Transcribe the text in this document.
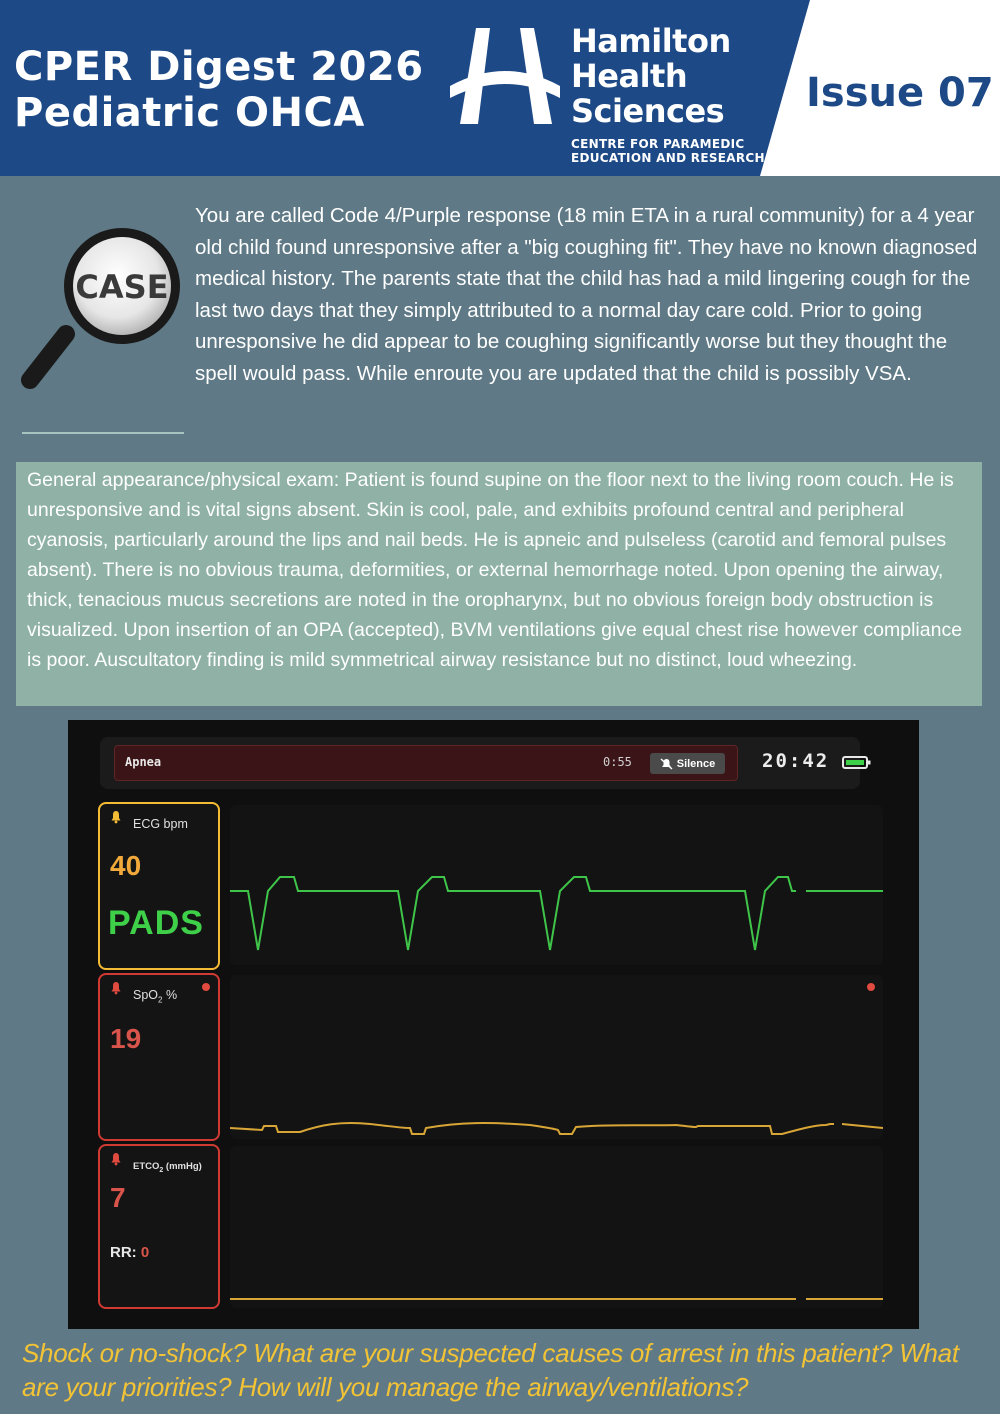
CPER Digest 2026
Pediatric OHCA
Hamilton
Health
Sciences
CENTRE FOR PARAMEDIC
EDUCATION AND RESEARCH
Issue 07
CASE
You are called Code 4/Purple response (18 min ETA in a rural community) for a 4 year old child found unresponsive after a "big coughing fit". They have no known diagnosed medical history. The parents state that the child has had a mild lingering cough for the last two days that they simply attributed to a normal day care cold. Prior to going unresponsive he did appear to be coughing significantly worse but they thought the spell would pass. While enroute you are updated that the child is possibly VSA.
General appearance/physical exam: Patient is found supine on the floor next to the living room couch. He is unresponsive and is vital signs absent. Skin is cool, pale, and exhibits profound central and peripheral cyanosis, particularly around the lips and nail beds. He is apneic and pulseless (carotid and femoral pulses absent). There is no obvious trauma, deformities, or external hemorrhage noted. Upon opening the airway, thick, tenacious mucus secretions are noted in the oropharynx, but no obvious foreign body obstruction is visualized. Upon insertion of an OPA (accepted), BVM ventilations give equal chest rise however compliance is poor. Auscultatory finding is mild symmetrical airway resistance but no distinct, loud wheezing.
Apnea	0:55	Silence 20:42
ECG bpm
40
PADS
SpO$_2$ %
19
$ETCO_2$ (mmHg)
7
RR: 0
Shock or no-shock? What are your suspected causes of arrest in this patient? What are your priorities? How will you manage the airway/ventilations?
